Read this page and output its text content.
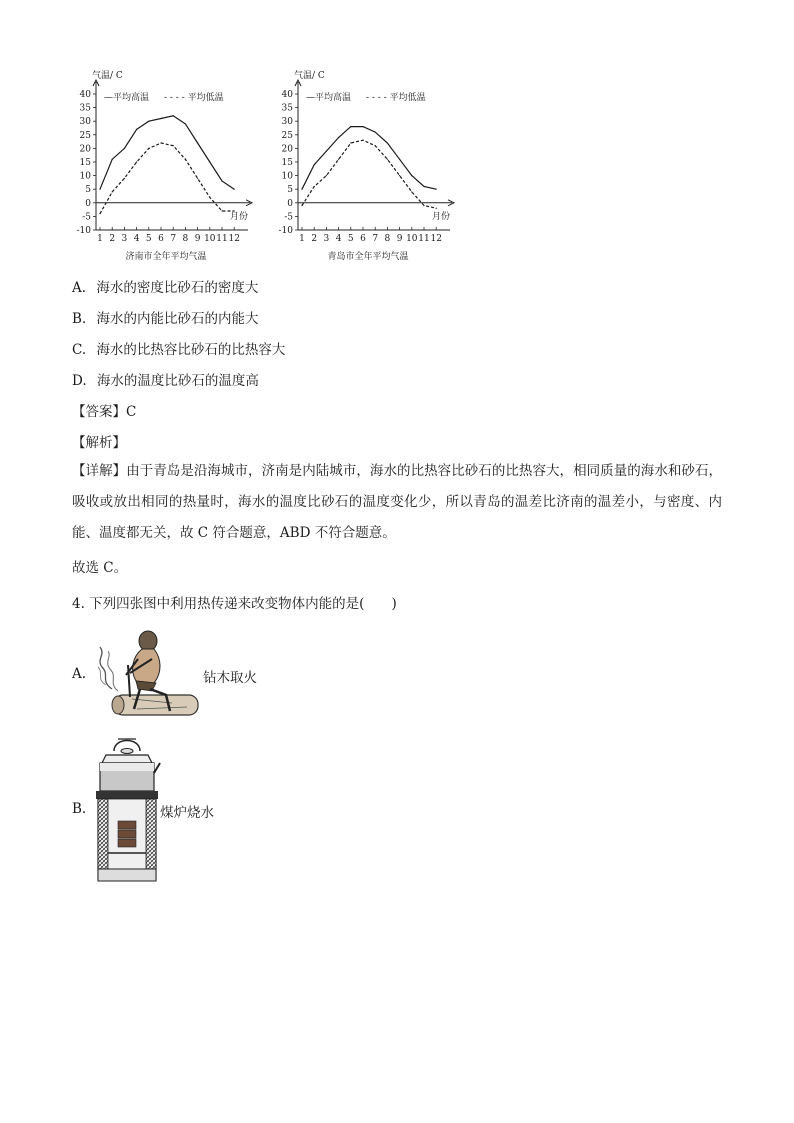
气温/ C
40
35
30
25
20
15
10
5
0
-5
-10
1 2 3 4 5 6 7 8 9 10 11 12
月份
—平均高温 - - - - 平均低温
济南市全年平均气温
气温/ C
40
35
30
25
20
15
10
5
0
-5
-10
1 2 3 4 5 6 7 8 9 10 11 12
月份
—平均高温 - - - - 平均低温
青岛市全年平均气温
A. 海水的密度比砂石的密度大
B. 海水的内能比砂石的内能大
C. 海水的比热容比砂石的比热容大
D. 海水的温度比砂石的温度高
【答案】C
【解析】
【详解】由于青岛是沿海城市，济南是内陆城市，海水的比热容比砂石的比热容大，相同质量的海水和砂石，吸收或放出相同的热量时，海水的温度比砂石的温度变化少，所以青岛的温差比济南的温差小，与密度、内能、温度都无关，故 C 符合题意，ABD 不符合题意。
故选 C。
4. 下列四张图中利用热传递来改变物体内能的是(　　)
A.	钻木取火
B.	煤炉烧水
